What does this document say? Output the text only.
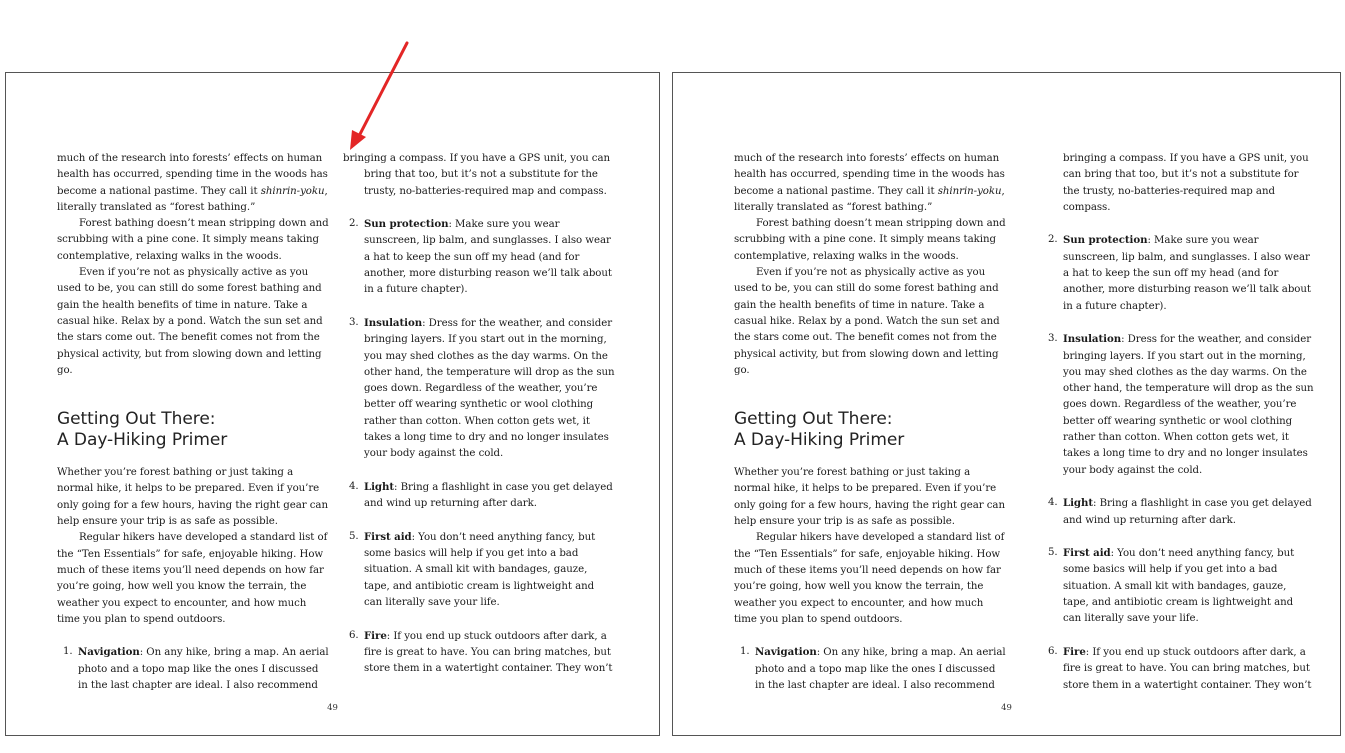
much of the research into forests’ effects on human health has occurred, spending time in the woods has become a national pastime. They call it shinrin-yoku, literally translated as “forest bathing.”

Forest bathing doesn’t mean stripping down and scrubbing with a pine cone. It simply means taking contemplative, relaxing walks in the woods.

Even if you’re not as physically active as you used to be, you can still do some forest bathing and gain the health benefits of time in nature. Take a casual hike. Relax by a pond. Watch the sun set and the stars come out. The benefit comes not from the physical activity, but from slowing down and letting go.

Getting Out There:
A Day-Hiking Primer

Whether you’re forest bathing or just taking a normal hike, it helps to be prepared. Even if you’re only going for a few hours, having the right gear can help ensure your trip is as safe as possible.

Regular hikers have developed a standard list of the “Ten Essentials” for safe, enjoyable hiking. How much of these items you’ll need depends on how far you’re going, how well you know the terrain, the weather you expect to encounter, and how much time you plan to spend outdoors.

1. Navigation: On any hike, bring a map. An aerial photo and a topo map like the ones I discussed in the last chapter are ideal. I also recommend

bringing a compass. If you have a GPS unit, you can bring that too, but it’s not a substitute for the trusty, no-batteries-required map and compass.

2. Sun protection: Make sure you wear sunscreen, lip balm, and sunglasses. I also wear a hat to keep the sun off my head (and for another, more disturbing reason we’ll talk about in a future chapter).
3. Insulation: Dress for the weather, and consider bringing layers. If you start out in the morning, you may shed clothes as the day warms. On the other hand, the temperature will drop as the sun goes down. Regardless of the weather, you’re better off wearing synthetic or wool clothing rather than cotton. When cotton gets wet, it takes a long time to dry and no longer insulates your body against the cold.
4. Light: Bring a flashlight in case you get delayed and wind up returning after dark.
5. First aid: You don’t need anything fancy, but some basics will help if you get into a bad situation. A small kit with bandages, gauze, tape, and antibiotic cream is lightweight and can literally save your life.
6. Fire: If you end up stuck outdoors after dark, a fire is great to have. You can bring matches, but store them in a watertight container. They won’t
49

much of the research into forests’ effects on human health has occurred, spending time in the woods has become a national pastime. They call it shinrin-yoku, literally translated as “forest bathing.”

Forest bathing doesn’t mean stripping down and scrubbing with a pine cone. It simply means taking contemplative, relaxing walks in the woods.

Even if you’re not as physically active as you used to be, you can still do some forest bathing and gain the health benefits of time in nature. Take a casual hike. Relax by a pond. Watch the sun set and the stars come out. The benefit comes not from the physical activity, but from slowing down and letting go.

Getting Out There:
A Day-Hiking Primer

Whether you’re forest bathing or just taking a normal hike, it helps to be prepared. Even if you’re only going for a few hours, having the right gear can help ensure your trip is as safe as possible.

Regular hikers have developed a standard list of the “Ten Essentials” for safe, enjoyable hiking. How much of these items you’ll need depends on how far you’re going, how well you know the terrain, the weather you expect to encounter, and how much time you plan to spend outdoors.

1. Navigation: On any hike, bring a map. An aerial photo and a topo map like the ones I discussed in the last chapter are ideal. I also recommend

bringing a compass. If you have a GPS unit, you can bring that too, but it’s not a substitute for the trusty, no-batteries-required map and compass.

2. Sun protection: Make sure you wear sunscreen, lip balm, and sunglasses. I also wear a hat to keep the sun off my head (and for another, more disturbing reason we’ll talk about in a future chapter).
3. Insulation: Dress for the weather, and consider bringing layers. If you start out in the morning, you may shed clothes as the day warms. On the other hand, the temperature will drop as the sun goes down. Regardless of the weather, you’re better off wearing synthetic or wool clothing rather than cotton. When cotton gets wet, it takes a long time to dry and no longer insulates your body against the cold.
4. Light: Bring a flashlight in case you get delayed and wind up returning after dark.
5. First aid: You don’t need anything fancy, but some basics will help if you get into a bad situation. A small kit with bandages, gauze, tape, and antibiotic cream is lightweight and can literally save your life.
6. Fire: If you end up stuck outdoors after dark, a fire is great to have. You can bring matches, but store them in a watertight container. They won’t
49
